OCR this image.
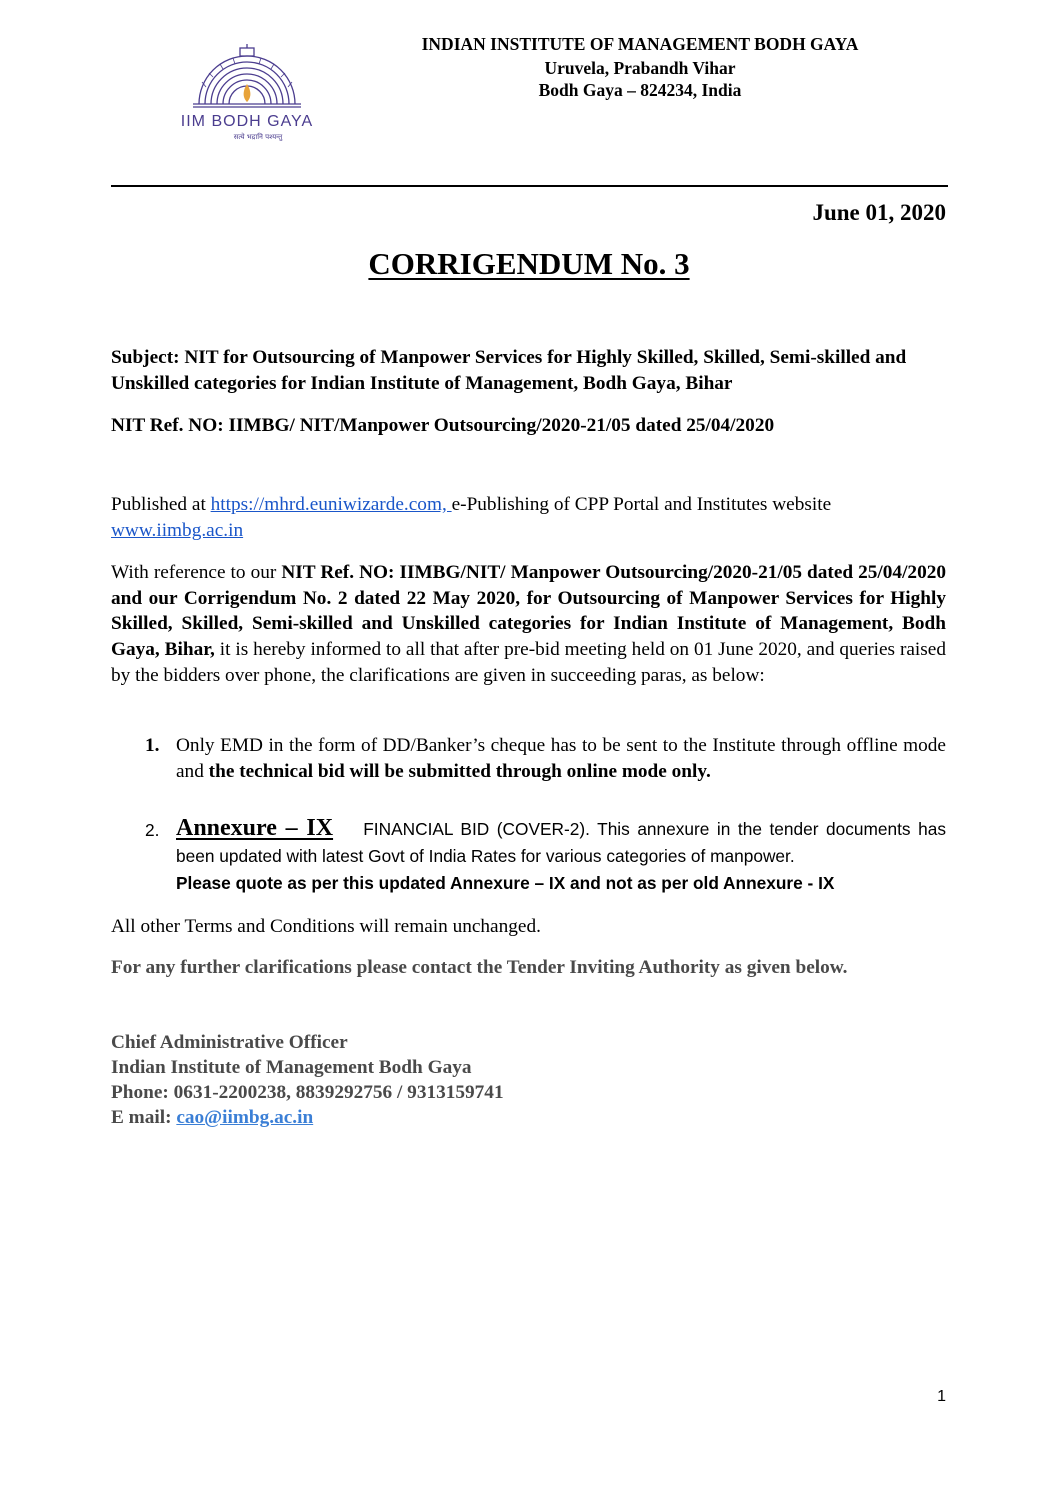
IIM BODH GAYA
सत्ये भद्रानि पश्यन्तु
INDIAN INSTITUTE OF MANAGEMENT BODH GAYA
Uruvela, Prabandh Vihar
Bodh Gaya – 824234, India
June 01, 2020
CORRIGENDUM No. 3
Subject: NIT for Outsourcing of Manpower Services for Highly Skilled, Skilled, Semi-skilled and Unskilled categories for Indian Institute of Management, Bodh Gaya, Bihar
NIT Ref. NO: IIMBG/ NIT/Manpower Outsourcing/2020-21/05 dated 25/04/2020
Published at https://mhrd.euniwizarde.com, e-Publishing of CPP Portal and Institutes website www.iimbg.ac.in
With reference to our NIT Ref. NO: IIMBG/NIT/ Manpower Outsourcing/2020-21/05 dated 25/04/2020 and our Corrigendum No. 2 dated 22 May 2020, for Outsourcing of Manpower Services for Highly Skilled, Skilled, Semi-skilled and Unskilled categories for Indian Institute of Management, Bodh Gaya, Bihar, it is hereby informed to all that after pre-bid meeting held on 01 June 2020, and queries raised by the bidders over phone, the clarifications are given in succeeding paras, as below:
1. Only EMD in the form of DD/Banker’s cheque has to be sent to the Institute through offline mode and the technical bid will be submitted through online mode only.
2. Annexure – IX FINANCIAL BID (COVER-2). This annexure in the tender documents has been updated with latest Govt of India Rates for various categories of manpower.
Please quote as per this updated Annexure – IX and not as per old Annexure - IX
All other Terms and Conditions will remain unchanged.
For any further clarifications please contact the Tender Inviting Authority as given below.
Chief Administrative Officer
Indian Institute of Management Bodh Gaya
Phone: 0631-2200238, 8839292756 / 9313159741
E mail: cao@iimbg.ac.in
1
